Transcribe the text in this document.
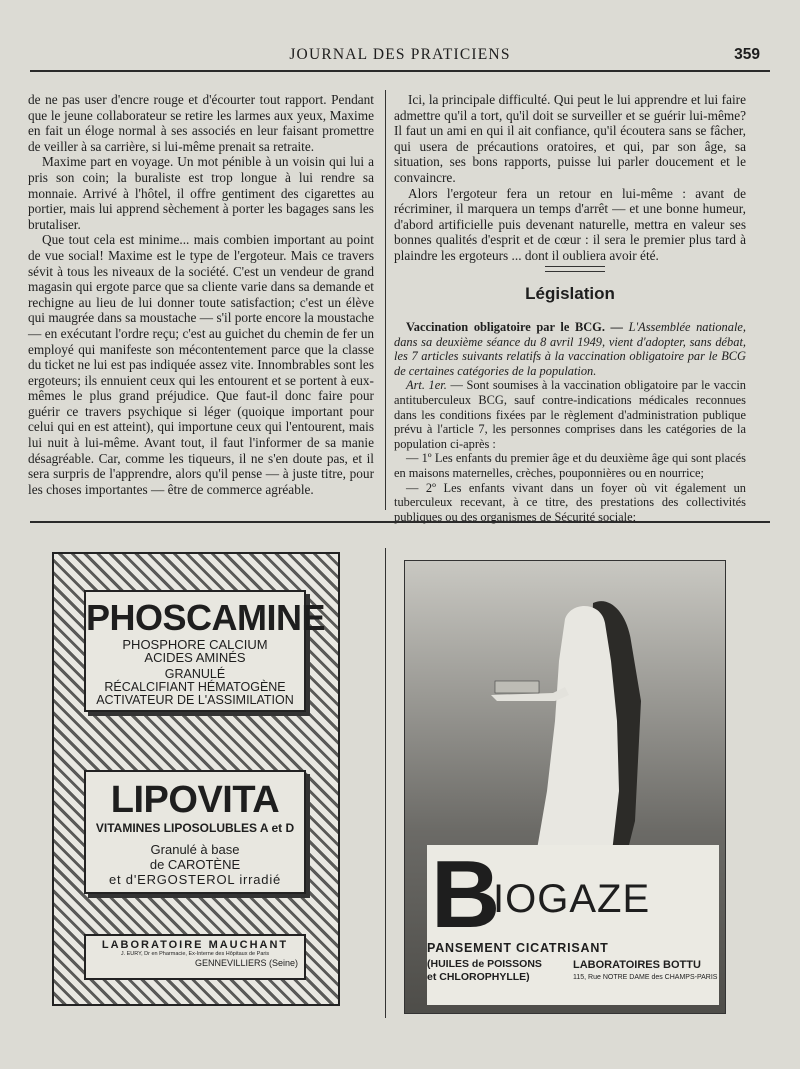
JOURNAL DES PRATICIENS	359

de ne pas user d'encre rouge et d'écourter tout rapport. Pendant que le jeune collaborateur se retire les larmes aux yeux, Maxime en fait un éloge normal à ses associés en leur faisant promettre de veiller à sa carrière, si lui-même prenait sa retraite.

Maxime part en voyage. Un mot pénible à un voisin qui lui a pris son coin; la buraliste est trop longue à lui rendre sa monnaie. Arrivé à l'hôtel, il offre gentiment des cigarettes au portier, mais lui apprend sèchement à porter les bagages sans les brutaliser.

Que tout cela est minime... mais combien important au point de vue social! Maxime est le type de l'ergoteur. Mais ce travers sévit à tous les niveaux de la société. C'est un vendeur de grand magasin qui ergote parce que sa cliente varie dans sa demande et rechigne au lieu de lui donner toute satisfaction; c'est un élève qui maugrée dans sa moustache — s'il porte encore la moustache — en exécutant l'ordre reçu; c'est au guichet du chemin de fer un employé qui manifeste son mécontentement parce que la classe du ticket ne lui est pas indiquée assez vite. Innombrables sont les ergoteurs; ils ennuient ceux qui les entourent et se portent à eux-mêmes le plus grand préjudice. Que faut-il donc faire pour guérir ce travers psychique si léger (quoique important pour celui qui en est atteint), qui importune ceux qui l'entourent, mais lui nuit à lui-même. Avant tout, il faut l'informer de sa manie désagréable. Car, comme les tiqueurs, il ne s'en doute pas, et il sera surpris de l'apprendre, alors qu'il pense — à juste titre, pour les choses importantes — être de commerce agréable.

Ici, la principale difficulté. Qui peut le lui apprendre et lui faire admettre qu'il a tort, qu'il doit se surveiller et se guérir lui-même? Il faut un ami en qui il ait confiance, qu'il écoutera sans se fâcher, qui usera de précautions oratoires, et qui, par son âge, sa situation, ses bons rapports, puisse lui parler doucement et le convaincre.

Alors l'ergoteur fera un retour en lui-même : avant de récriminer, il marquera un temps d'arrêt — et une bonne humeur, d'abord artificielle puis devenant naturelle, mettra en valeur ses bonnes qualités d'esprit et de cœur : il sera le premier plus tard à plaindre les ergoteurs ... dont il oubliera avoir été.

Législation

Vaccination obligatoire par le BCG. — L'Assemblée nationale, dans sa deuxième séance du 8 avril 1949, vient d'adopter, sans débat, les 7 articles suivants relatifs à la vaccination obligatoire par le BCG de certaines catégories de la population.

Art. 1er. — Sont soumises à la vaccination obligatoire par le vaccin antituberculeux BCG, sauf contre-indications médicales reconnues dans les conditions fixées par le règlement d'administration publique prévu à l'article 7, les personnes comprises dans les catégories de la population ci-après :

— 1º Les enfants du premier âge et du deuxième âge qui sont placés en maisons maternelles, crèches, pouponnières ou en nourrice;

— 2º Les enfants vivant dans un foyer où vit également un tuberculeux recevant, à ce titre, des prestations des collectivités publiques ou des organismes de Sécurité sociale;

PHOSCAMINE
PHOSPHORE CALCIUM
ACIDES AMINÉS
GRANULÉ
RÉCALCIFIANT HÉMATOGÈNE
ACTIVATEUR DE L'ASSIMILATION
LIPOVITA
VITAMINES LIPOSOLUBLES A et D
Granulé à base
de CAROTÈNE
et d'ERGOSTEROL irradié
LABORATOIRE MAUCHANT
J. EURY, Dr en Pharmacie, Ex-Interne des Hôpitaux de Paris
GENNEVILLIERS (Seine)
B
IOGAZE
PANSEMENT CICATRISANT
(HUILES de POISSONS
et CHLOROPHYLLE)
LABORATOIRES BOTTU
115, Rue NOTRE DAME des CHAMPS-PARIS
